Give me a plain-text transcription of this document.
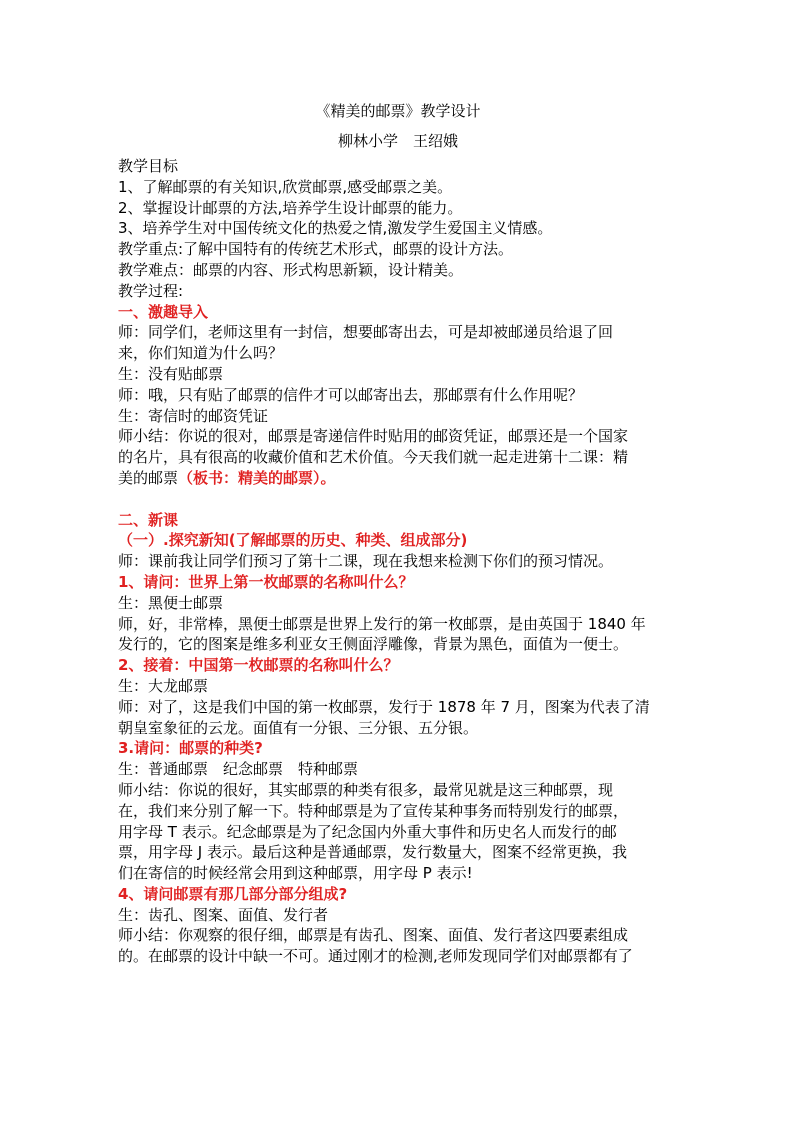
《精美的邮票》教学设计

柳林小学　王绍娥

教学目标

1、了解邮票的有关知识,欣赏邮票,感受邮票之美。

2、掌握设计邮票的方法,培养学生设计邮票的能力。

3、培养学生对中国传统文化的热爱之情,激发学生爱国主义情感。

教学重点:了解中国特有的传统艺术形式，邮票的设计方法。

教学难点：邮票的内容、形式构思新颖，设计精美。

教学过程:

一、激趣导入

师：同学们，老师这里有一封信，想要邮寄出去，可是却被邮递员给退了回

来，你们知道为什么吗？

生：没有贴邮票

师：哦，只有贴了邮票的信件才可以邮寄出去，那邮票有什么作用呢？

生：寄信时的邮资凭证

师小结：你说的很对，邮票是寄递信件时贴用的邮资凭证，邮票还是一个国家

的名片，具有很高的收藏价值和艺术价值。今天我们就一起走进第十二课：精

美的邮票（板书：精美的邮票）。

二、新课

（一）.探究新知(了解邮票的历史、种类、组成部分)

师：课前我让同学们预习了第十二课，现在我想来检测下你们的预习情况。

1、请问：世界上第一枚邮票的名称叫什么？

生：黑便士邮票

师，好，非常棒，黑便士邮票是世界上发行的第一枚邮票，是由英国于 1840 年

发行的，它的图案是维多利亚女王侧面浮雕像，背景为黑色，面值为一便士。

2、接着：中国第一枚邮票的名称叫什么？

生：大龙邮票

师：对了，这是我们中国的第一枚邮票，发行于 1878 年 7 月，图案为代表了清

朝皇室象征的云龙。面值有一分银、三分银、五分银。

3.请问：邮票的种类?

生：普通邮票　纪念邮票　特种邮票

师小结：你说的很好，其实邮票的种类有很多，最常见就是这三种邮票，现

在，我们来分别了解一下。特种邮票是为了宣传某种事务而特别发行的邮票，

用字母 T 表示。纪念邮票是为了纪念国内外重大事件和历史名人而发行的邮

票，用字母 J 表示。最后这种是普通邮票，发行数量大，图案不经常更换，我

们在寄信的时候经常会用到这种邮票，用字母 P 表示!

4、请问邮票有那几部分部分组成?

生：齿孔、图案、面值、发行者

师小结：你观察的很仔细，邮票是有齿孔、图案、面值、发行者这四要素组成

的。在邮票的设计中缺一不可。通过刚才的检测,老师发现同学们对邮票都有了
